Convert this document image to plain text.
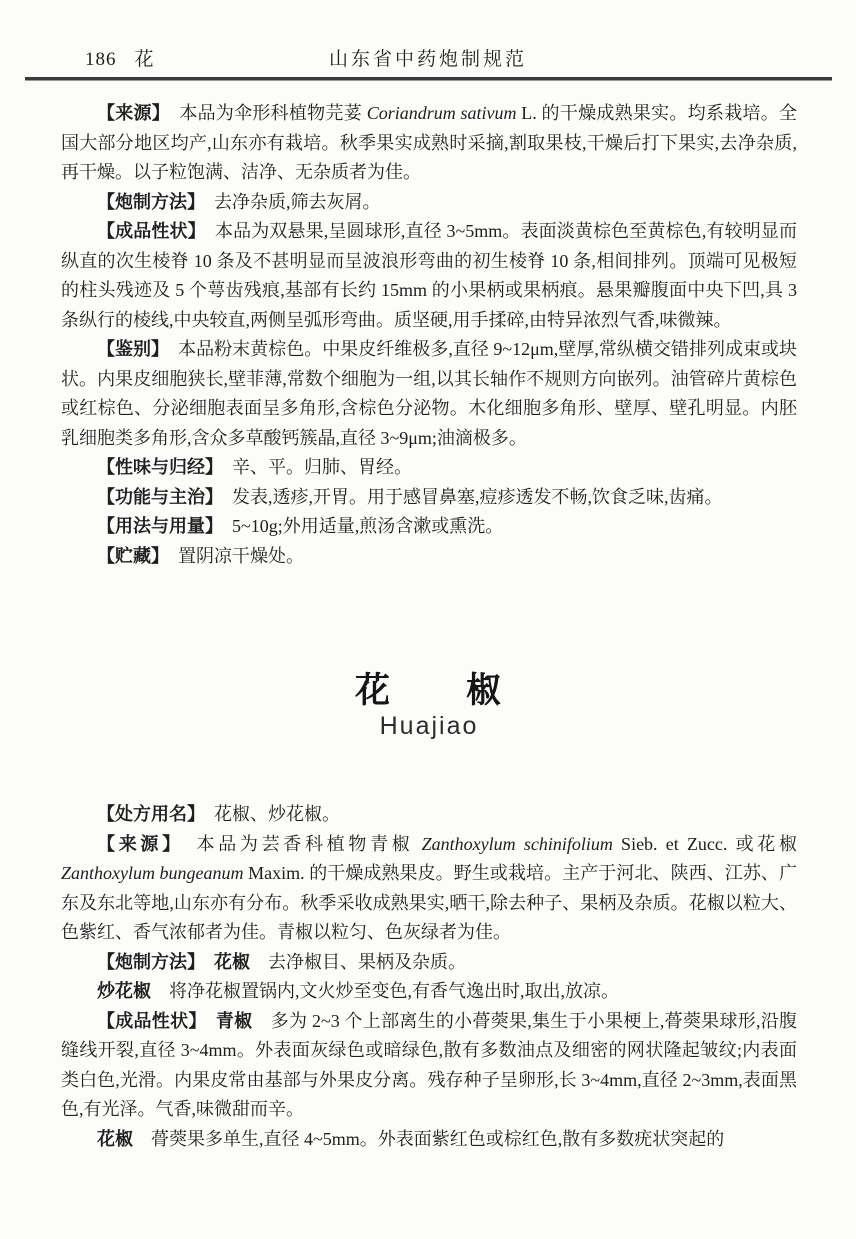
186 花	山东省中药炮制规范

【来源】　本品为伞形科植物芫荽 Coriandrum sativum L. 的干燥成熟果实。均系栽培。全国大部分地区均产,山东亦有栽培。秋季果实成熟时采摘,割取果枝,干燥后打下果实,去净杂质,再干燥。以子粒饱满、洁净、无杂质者为佳。

【炮制方法】　去净杂质,筛去灰屑。

【成品性状】　本品为双悬果,呈圆球形,直径 3~5mm。表面淡黄棕色至黄棕色,有较明显而纵直的次生棱脊 10 条及不甚明显而呈波浪形弯曲的初生棱脊 10 条,相间排列。顶端可见极短的柱头残迹及 5 个萼齿残痕,基部有长约 15mm 的小果柄或果柄痕。悬果瓣腹面中央下凹,具 3 条纵行的棱线,中央较直,两侧呈弧形弯曲。质坚硬,用手揉碎,由特异浓烈气香,味微辣。

【鉴别】　本品粉末黄棕色。中果皮纤维极多,直径 9~12μm,壁厚,常纵横交错排列成束或块状。内果皮细胞狭长,壁菲薄,常数个细胞为一组,以其长轴作不规则方向嵌列。油管碎片黄棕色或红棕色、分泌细胞表面呈多角形,含棕色分泌物。木化细胞多角形、壁厚、壁孔明显。内胚乳细胞类多角形,含众多草酸钙簇晶,直径 3~9μm;油滴极多。

【性味与归经】　辛、平。归肺、胃经。

【功能与主治】　发表,透疹,开胃。用于感冒鼻塞,痘疹透发不畅,饮食乏味,齿痛。

【用法与用量】　5~10g;外用适量,煎汤含漱或熏洗。

【贮藏】　置阴凉干燥处。

花　　椒
Huajiao

【处方用名】　花椒、炒花椒。

【来源】　本品为芸香科植物青椒 Zanthoxylum schinifolium Sieb. et Zucc. 或花椒 Zanthoxylum bungeanum Maxim. 的干燥成熟果皮。野生或栽培。主产于河北、陕西、江苏、广东及东北等地,山东亦有分布。秋季采收成熟果实,晒干,除去种子、果柄及杂质。花椒以粒大、色紫红、香气浓郁者为佳。青椒以粒匀、色灰绿者为佳。

【炮制方法】　 花椒　去净椒目、果柄及杂质。

炒花椒　将净花椒置锅内,文火炒至变色,有香气逸出时,取出,放凉。

【成品性状】　 青椒　多为 2~3 个上部离生的小蓇葖果,集生于小果梗上,蓇葖果球形,沿腹缝线开裂,直径 3~4mm。外表面灰绿色或暗绿色,散有多数油点及细密的网状隆起皱纹;内表面类白色,光滑。内果皮常由基部与外果皮分离。残存种子呈卵形,长 3~4mm,直径 2~3mm,表面黑色,有光泽。气香,味微甜而辛。

花椒　蓇葖果多单生,直径 4~5mm。外表面紫红色或棕红色,散有多数疣状突起的
